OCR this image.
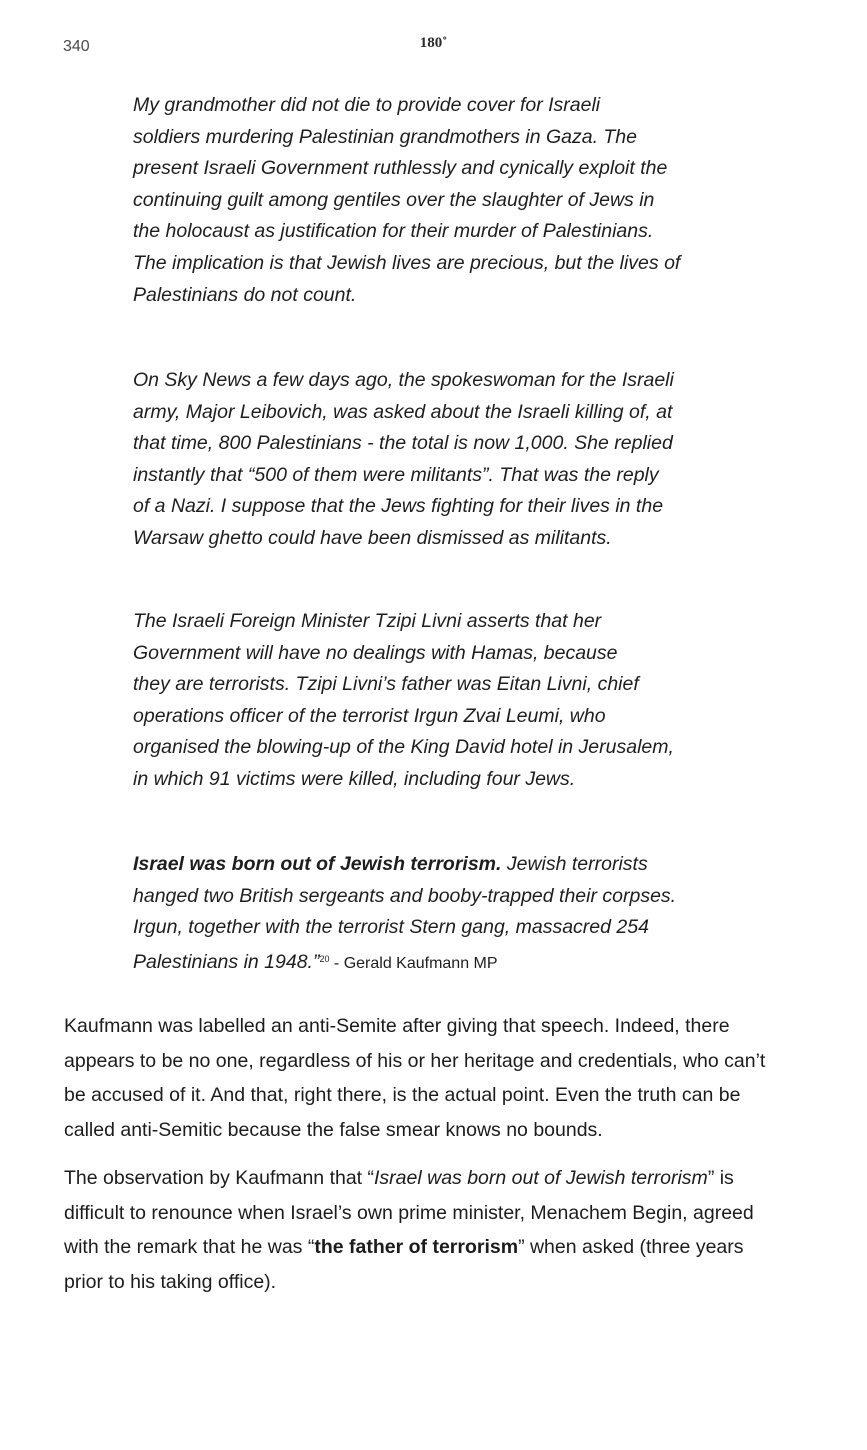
340	180˚
My grandmother did not die to provide cover for Israeli
soldiers murdering Palestinian grandmothers in Gaza. The
present Israeli Government ruthlessly and cynically exploit the
continuing guilt among gentiles over the slaughter of Jews in
the holocaust as justification for their murder of Palestinians.
The implication is that Jewish lives are precious, but the lives of
Palestinians do not count.
On Sky News a few days ago, the spokeswoman for the Israeli
army, Major Leibovich, was asked about the Israeli killing of, at
that time, 800 Palestinians - the total is now 1,000. She replied
instantly that “500 of them were militants”. That was the reply
of a Nazi. I suppose that the Jews fighting for their lives in the
Warsaw ghetto could have been dismissed as militants.
The Israeli Foreign Minister Tzipi Livni asserts that her
Government will have no dealings with Hamas, because
they are terrorists. Tzipi Livni’s father was Eitan Livni, chief
operations officer of the terrorist Irgun Zvai Leumi, who
organised the blowing-up of the King David hotel in Jerusalem,
in which 91 victims were killed, including four Jews.
Israel was born out of Jewish terrorism. Jewish terrorists
hanged two British sergeants and booby-trapped their corpses.
Irgun, together with the terrorist Stern gang, massacred 254
Palestinians in 1948.”$^{20}$ - Gerald Kaufmann MP
Kaufmann was labelled an anti-Semite after giving that speech. Indeed, there
appears to be no one, regardless of his or her heritage and credentials, who can’t
be accused of it. And that, right there, is the actual point. Even the truth can be
called anti-Semitic because the false smear knows no bounds.
The observation by Kaufmann that “Israel was born out of Jewish terrorism” is
difficult to renounce when Israel’s own prime minister, Menachem Begin, agreed
with the remark that he was “the father of terrorism” when asked (three years
prior to his taking office).
